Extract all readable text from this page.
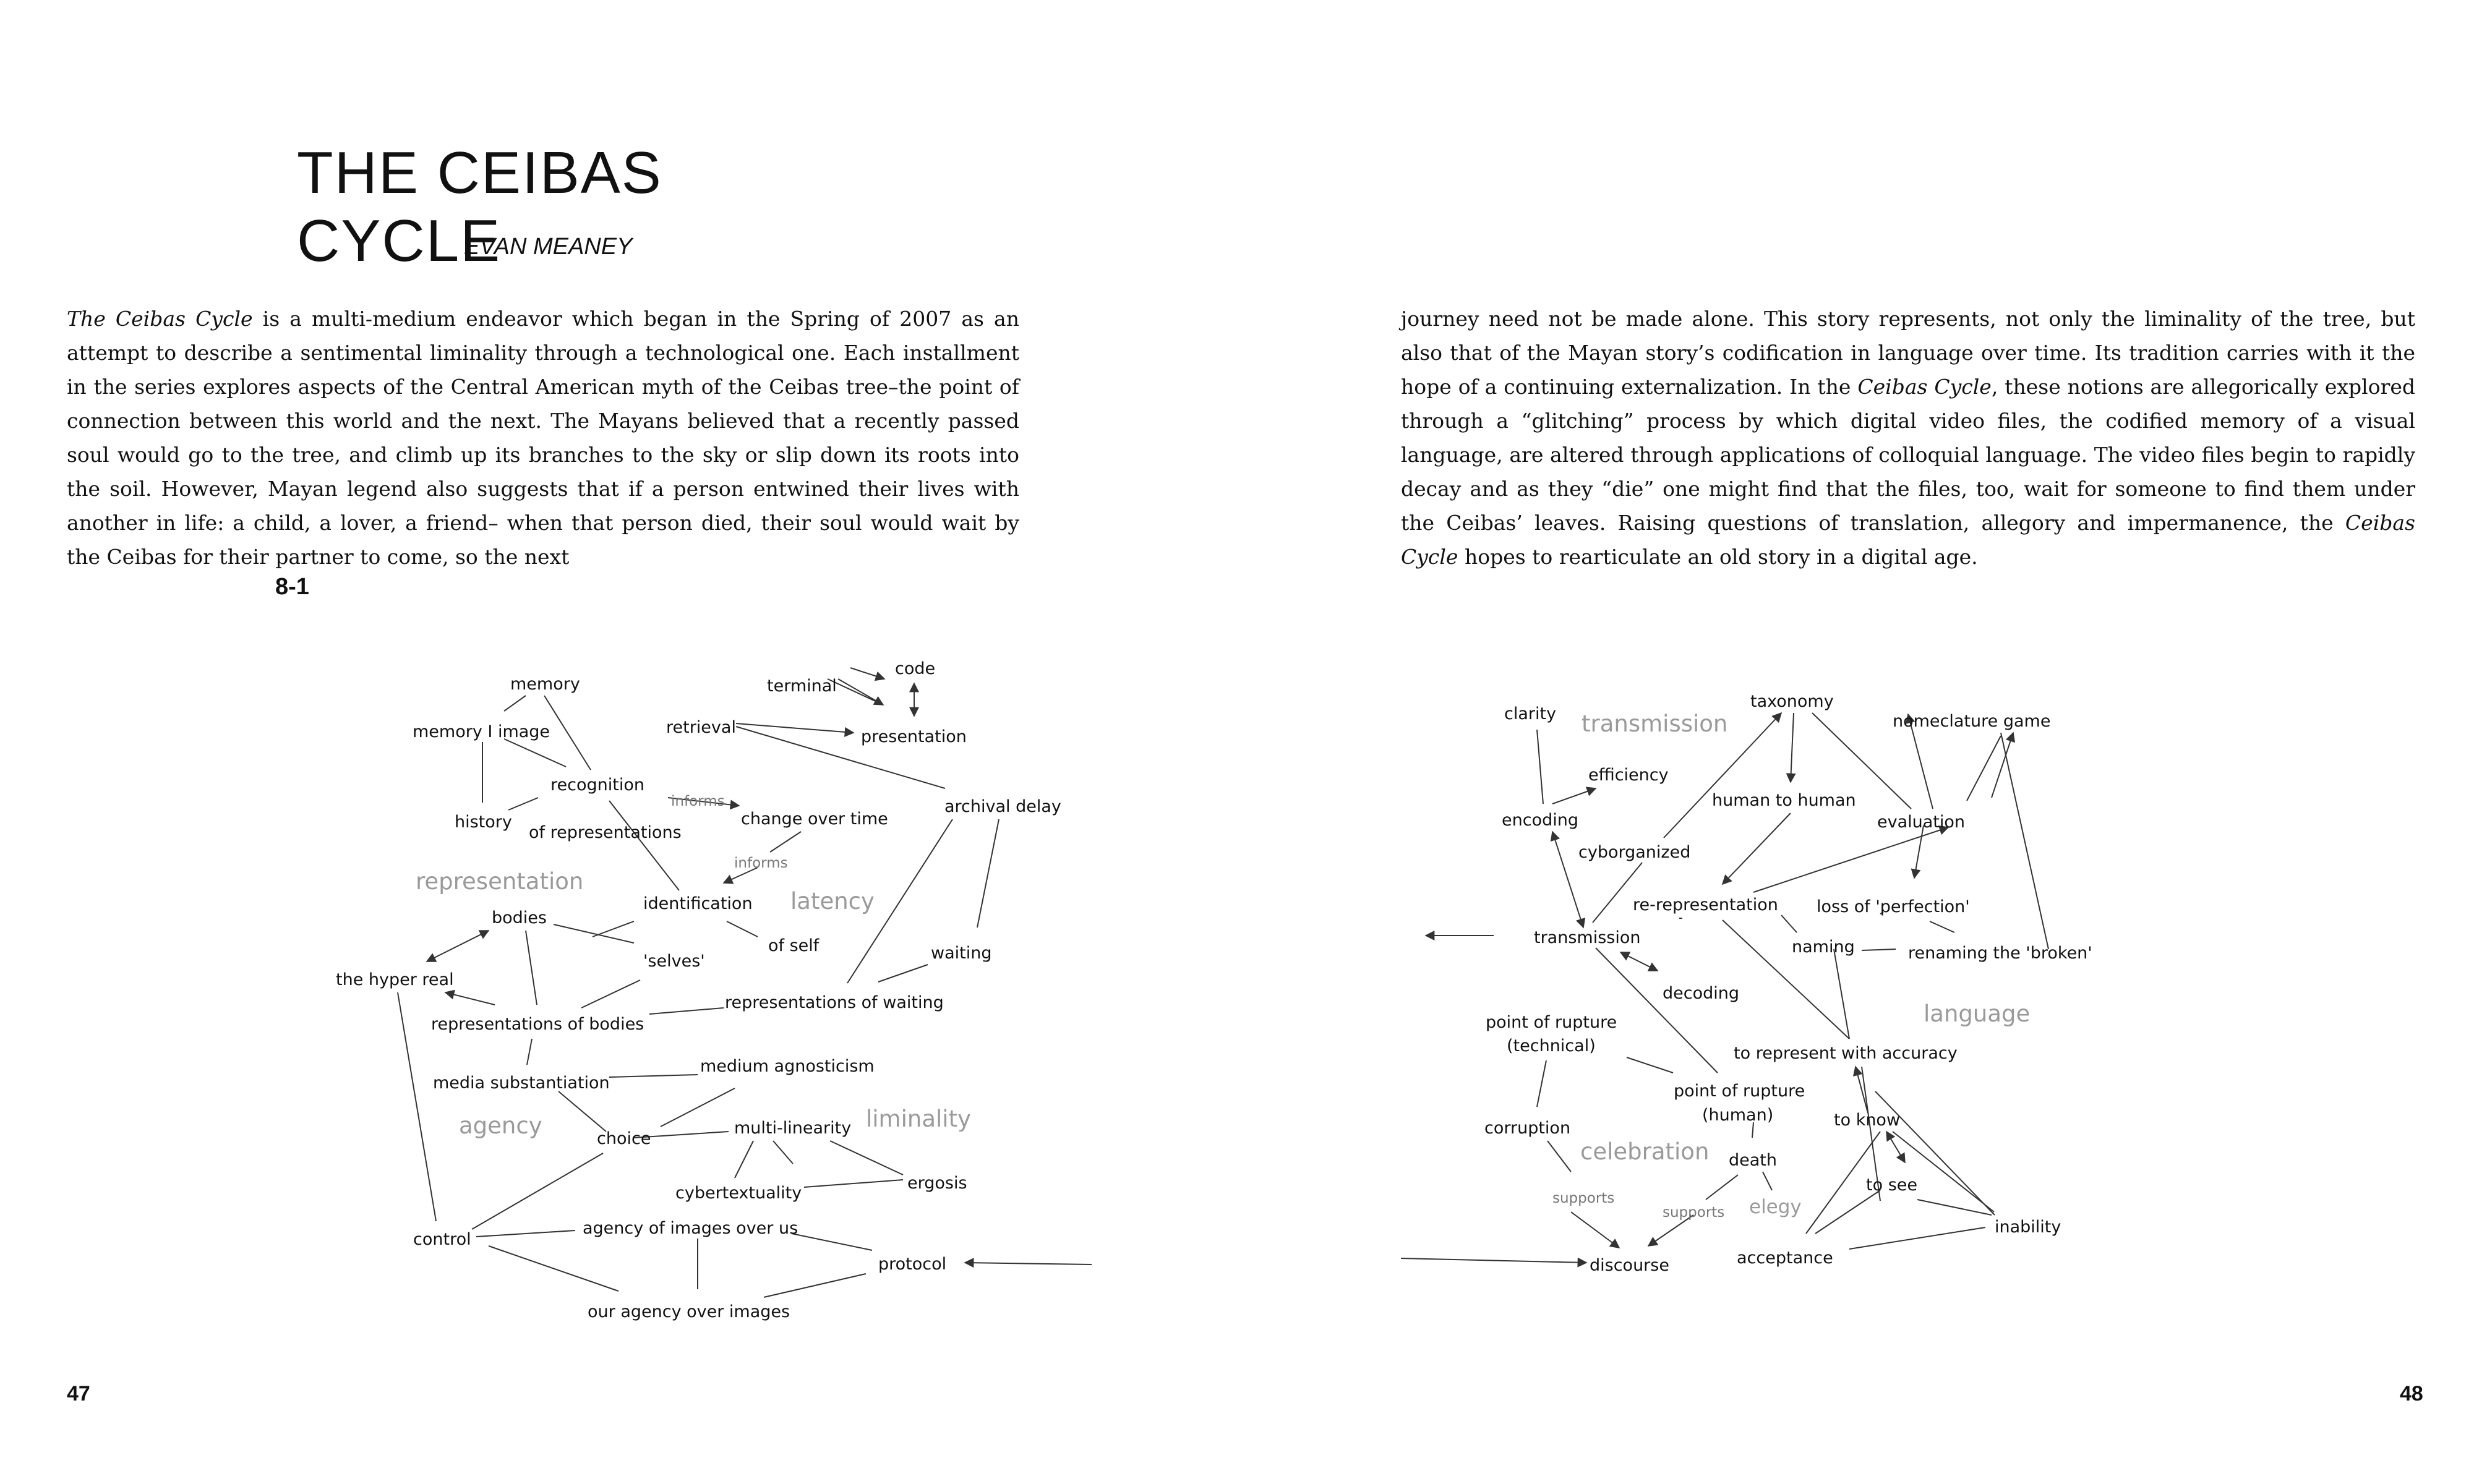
THE CEIBAS CYCLE
EVAN MEANEY

The Ceibas Cycle is a multi-medium endeavor which began in the Spring of 2007 as an attempt to describe a sentimental liminality through a technological one. Each installment in the series explores aspects of the Central American myth of the Ceibas tree–the point of connection between this world and the next. The Mayans believed that a recently passed soul would go to the tree, and climb up its branches to the sky or slip down its roots into the soil. However, Mayan legend also suggests that if a person entwined their lives with another in life: a child, a lover, a friend– when that person died, their soul would wait by the Ceibas for their partner to come, so the next

8-1
representation
latency
agency	liminality
memory
memory I image
history
recognition
of representations
informs
informs
terminal
code
retrieval	presentation
archival delay
change over time
identification
of self
bodies
'selves'
the hyper real
waiting
representations of waiting
representations of bodies
medium agnosticism
media substantiation
choice
multi-linearity
ergosis
cybertextuality
control
agency of images over us
protocol
our agency over images
47

journey need not be made alone. This story represents, not only the liminality of the tree, but also that of the Mayan story’s codification in language over time. Its tradition carries with it the hope of a continuing externalization. In the Ceibas Cycle, these notions are allegorically explored through a “glitching” process by which digital video files, the codified memory of a visual language, are altered through applications of colloquial language. The video files begin to rapidly decay and as they “die” one might find that the files, too, wait for someone to find them under the Ceibas’ leaves. Raising questions of translation, allegory and impermanence, the Ceibas Cycle hopes to rearticulate an old story in a digital age.

transmission
language
celebration
elegy
clarity
taxonomy
nomeclature game
efficiency
human to human
encoding	evaluation
cyborganized
re-representation loss of 'perfection'
transmission	naming	renaming the 'broken'
decoding
point of rupture
(technical)	to represent with accuracy
point of rupture
(human)
corruption	to know
death
to see
supports
supports
inability
discourse	acceptance
48
